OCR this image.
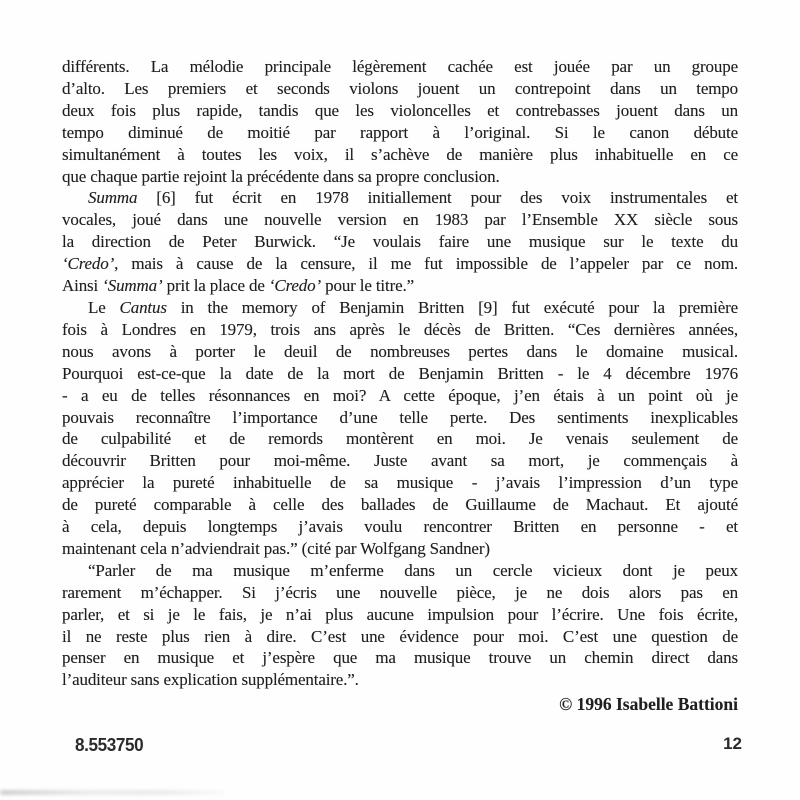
différents. La mélodie principale légèrement cachée est jouée par un groupe
d’alto. Les premiers et seconds violons jouent un contrepoint dans un tempo
deux fois plus rapide, tandis que les violoncelles et contrebasses jouent dans un
tempo diminué de moitié par rapport à l’original. Si le canon débute
simultanément à toutes les voix, il s’achève de manière plus inhabituelle en ce
que chaque partie rejoint la précédente dans sa propre conclusion.
Summa [6] fut écrit en 1978 initiallement pour des voix instrumentales et
vocales, joué dans une nouvelle version en 1983 par l’Ensemble XX siècle sous
la direction de Peter Burwick. “Je voulais faire une musique sur le texte du
‘Credo’, mais à cause de la censure, il me fut impossible de l’appeler par ce nom.
Ainsi ‘Summa’ prit la place de ‘Credo’ pour le titre.”
Le Cantus in the memory of Benjamin Britten [9] fut exécuté pour la première
fois à Londres en 1979, trois ans après le décès de Britten. “Ces dernières années,
nous avons à porter le deuil de nombreuses pertes dans le domaine musical.
Pourquoi est-ce-que la date de la mort de Benjamin Britten - le 4 décembre 1976
- a eu de telles résonnances en moi? A cette époque, j’en étais à un point où je
pouvais reconnaître l’importance d’une telle perte. Des sentiments inexplicables
de culpabilité et de remords montèrent en moi. Je venais seulement de
découvrir Britten pour moi-même. Juste avant sa mort, je commençais à
apprécier la pureté inhabituelle de sa musique - j’avais l’impression d’un type
de pureté comparable à celle des ballades de Guillaume de Machaut. Et ajouté
à cela, depuis longtemps j’avais voulu rencontrer Britten en personne - et
maintenant cela n’adviendrait pas.” (cité par Wolfgang Sandner)
“Parler de ma musique m’enferme dans un cercle vicieux dont je peux
rarement m’échapper. Si j’écris une nouvelle pièce, je ne dois alors pas en
parler, et si je le fais, je n’ai plus aucune impulsion pour l’écrire. Une fois écrite,
il ne reste plus rien à dire. C’est une évidence pour moi. C’est une question de
penser en musique et j’espère que ma musique trouve un chemin direct dans
l’auditeur sans explication supplémentaire.”.
© 1996 Isabelle Battioni
8.553750	12
